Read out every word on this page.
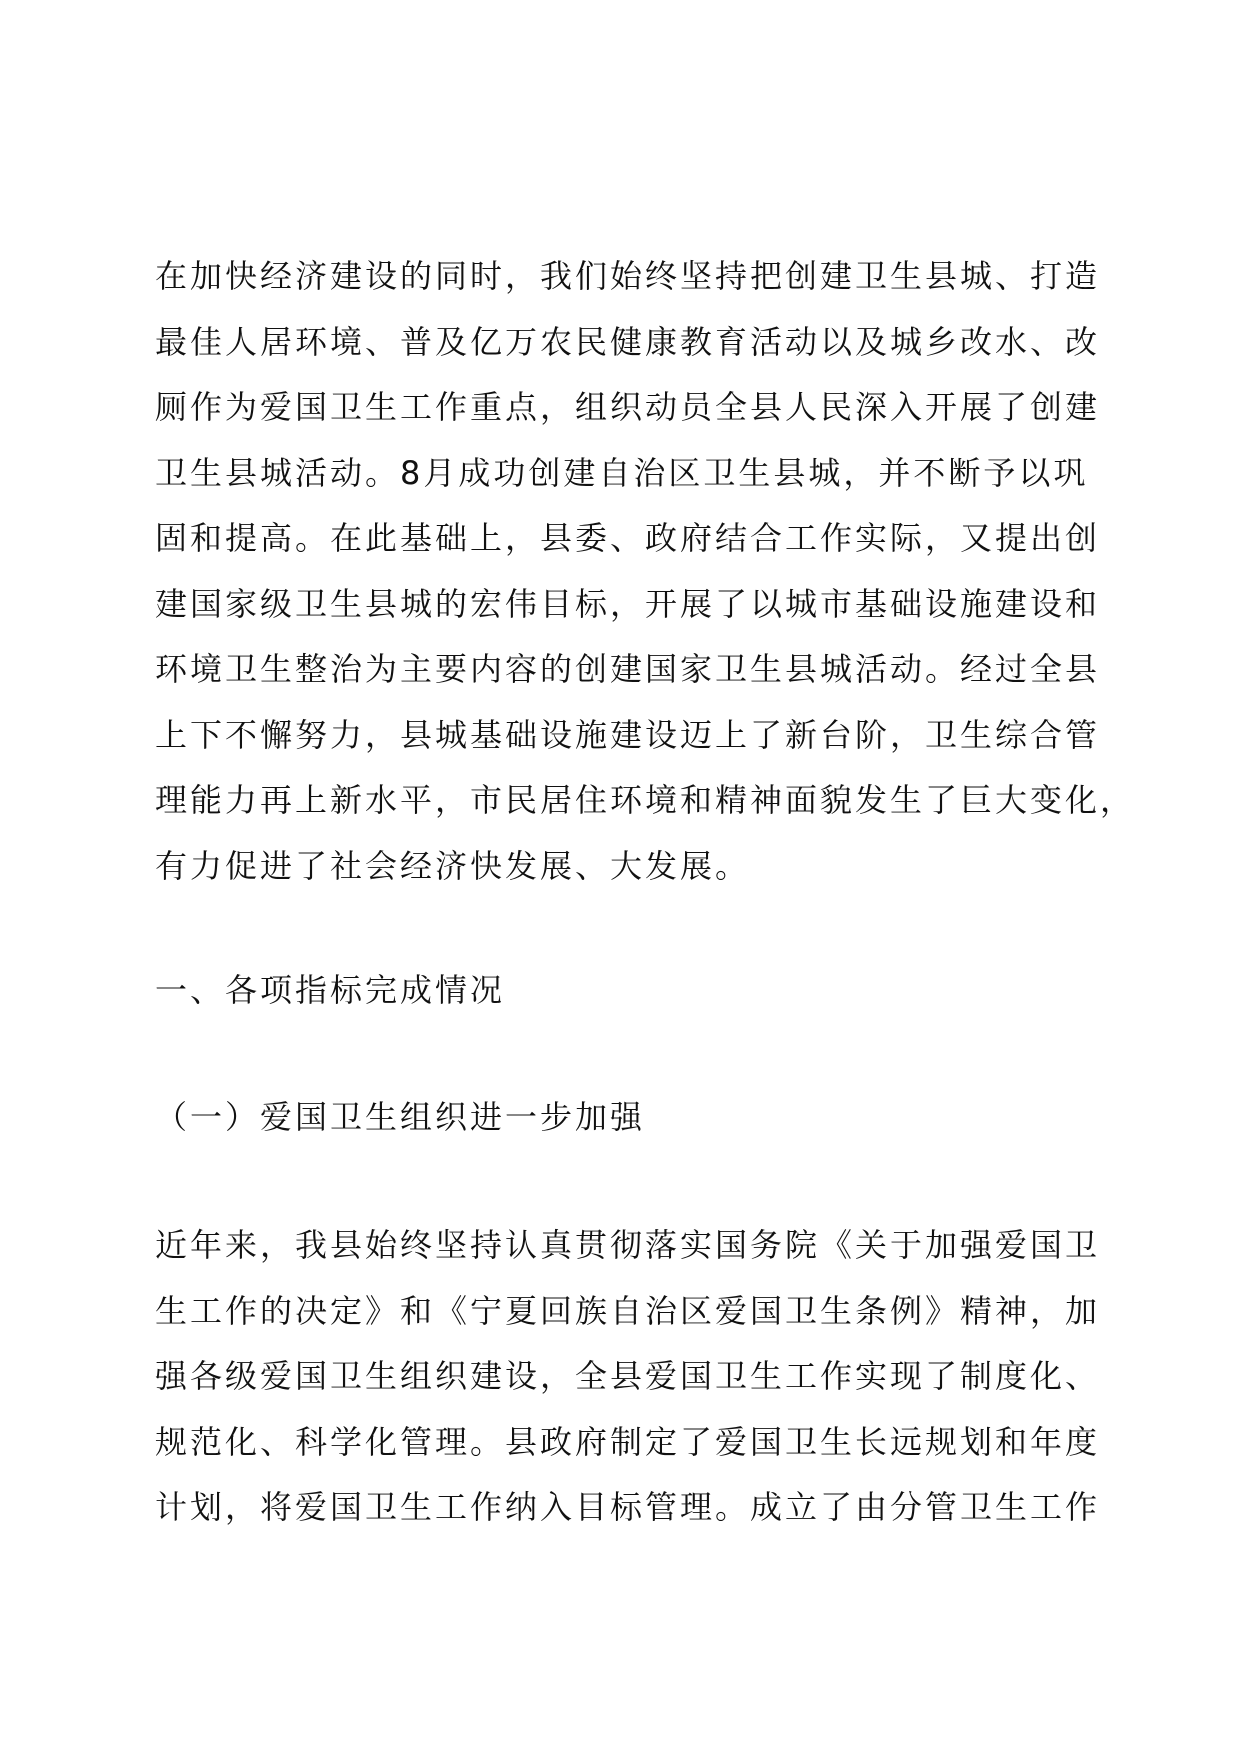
在加快经济建设的同时，我们始终坚持把创建卫生县城、打造
最佳人居环境、普及亿万农民健康教育活动以及城乡改水、改
厕作为爱国卫生工作重点，组织动员全县人民深入开展了创建
卫生县城活动。8月成功创建自治区卫生县城，并不断予以巩
固和提高。在此基础上，县委、政府结合工作实际，又提出创
建国家级卫生县城的宏伟目标，开展了以城市基础设施建设和
环境卫生整治为主要内容的创建国家卫生县城活动。经过全县
上下不懈努力，县城基础设施建设迈上了新台阶，卫生综合管
理能力再上新水平，市民居住环境和精神面貌发生了巨大变化，
有力促进了社会经济快发展、大发展。

一、各项指标完成情况
（一）爱国卫生组织进一步加强

近年来，我县始终坚持认真贯彻落实国务院《关于加强爱国卫
生工作的决定》和《宁夏回族自治区爱国卫生条例》精神，加
强各级爱国卫生组织建设，全县爱国卫生工作实现了制度化、
规范化、科学化管理。县政府制定了爱国卫生长远规划和年度
计划，将爱国卫生工作纳入目标管理。成立了由分管卫生工作
